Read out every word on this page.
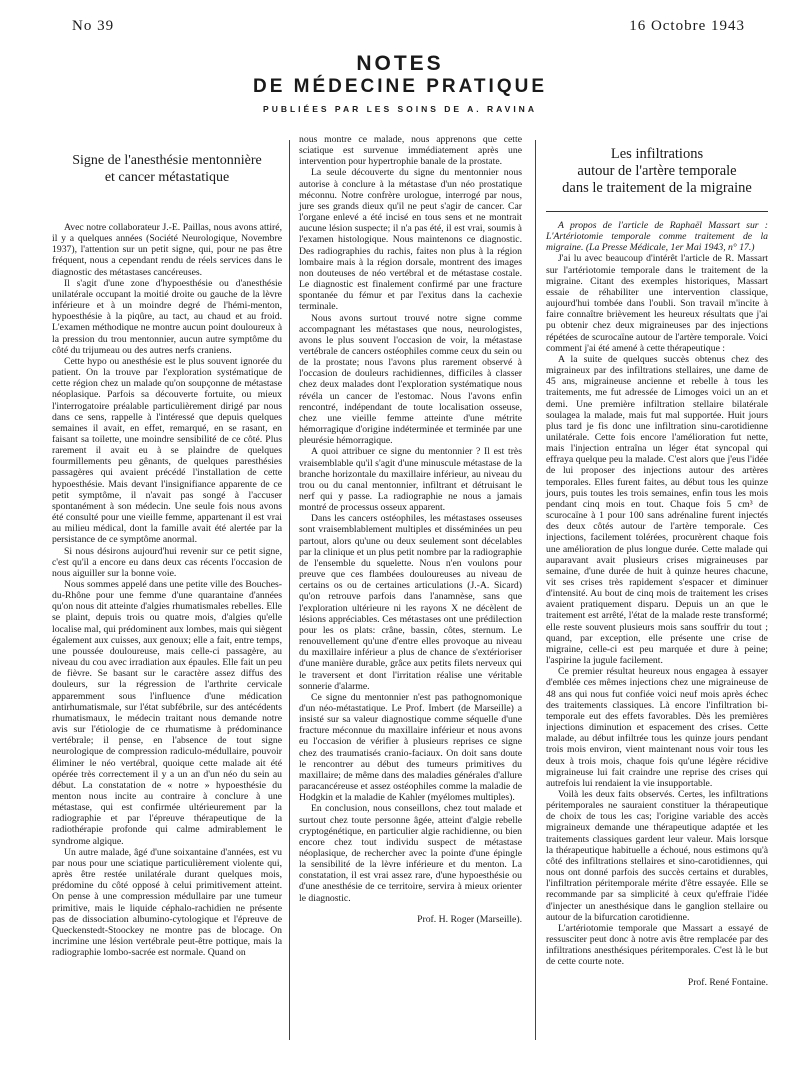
No 39	16 Octobre 1943
NOTES
DE MÉDECINE PRATIQUE
PUBLIÉES PAR LES SOINS DE A. RAVINA
Signe de l'anesthésie mentonnière
et cancer métastatique

Avec notre collaborateur J.-E. Paillas, nous avons attiré, il y a quelques années (Société Neurologique, Novembre 1937), l'attention sur un petit signe, qui, pour ne pas être fréquent, nous a cependant rendu de réels services dans le diagnostic des métastases cancéreuses.

Il s'agit d'une zone d'hypoesthésie ou d'anesthésie unilatérale occupant la moitié droite ou gauche de la lèvre inférieure et à un moindre degré de l'hémi-menton, hypoesthésie à la piqûre, au tact, au chaud et au froid. L'examen méthodique ne montre aucun point douloureux à la pression du trou mentonnier, aucun autre symptôme du côté du trijumeau ou des autres nerfs craniens.

Cette hypo ou anesthésie est le plus souvent ignorée du patient. On la trouve par l'exploration systématique de cette région chez un malade qu'on soupçonne de métastase néoplasique. Parfois sa découverte fortuite, ou mieux l'interrogatoire préalable particulièrement dirigé par nous dans ce sens, rappelle à l'intéressé que depuis quelques semaines il avait, en effet, remarqué, en se rasant, en faisant sa toilette, une moindre sensibilité de ce côté. Plus rarement il avait eu à se plaindre de quelques fourmillements peu gênants, de quelques paresthésies passagères qui avaient précédé l'installation de cette hypoesthésie. Mais devant l'insignifiance apparente de ce petit symptôme, il n'avait pas songé à l'accuser spontanément à son médecin. Une seule fois nous avons été consulté pour une vieille femme, appartenant il est vrai au milieu médical, dont la famille avait été alertée par la persistance de ce symptôme anormal.

Si nous désirons aujourd'hui revenir sur ce petit signe, c'est qu'il a encore eu dans deux cas récents l'occasion de nous aiguiller sur la bonne voie.

Nous sommes appelé dans une petite ville des Bouches-du-Rhône pour une femme d'une quarantaine d'années qu'on nous dit atteinte d'algies rhumatismales rebelles. Elle se plaint, depuis trois ou quatre mois, d'algies qu'elle localise mal, qui prédominent aux lombes, mais qui siègent également aux cuisses, aux genoux; elle a fait, entre temps, une poussée douloureuse, mais celle-ci passagère, au niveau du cou avec irradiation aux épaules. Elle fait un peu de fièvre. Se basant sur le caractère assez diffus des douleurs, sur la régression de l'arthrite cervicale apparemment sous l'influence d'une médication antirhumatismale, sur l'état subfébrile, sur des antécédents rhumatismaux, le médecin traitant nous demande notre avis sur l'étiologie de ce rhumatisme à prédominance vertébrale; il pense, en l'absence de tout signe neurologique de compression radiculo-médullaire, pouvoir éliminer le néo vertébral, quoique cette malade ait été opérée très correctement il y a un an d'un néo du sein au début. La constatation de « notre » hypoesthésie du menton nous incite au contraire à conclure à une métastase, qui est confirmée ultérieurement par la radiographie et par l'épreuve thérapeutique de la radiothérapie profonde qui calme admirablement le syndrome algique.

Un autre malade, âgé d'une soixantaine d'années, est vu par nous pour une sciatique particulièrement violente qui, après être restée unilatérale durant quelques mois, prédomine du côté opposé à celui primitivement atteint. On pense à une compression médullaire par une tumeur primitive, mais le liquide céphalo-rachidien ne présente pas de dissociation albumino-cytologique et l'épreuve de Queckenstedt-Stoockey ne montre pas de blocage. On incrimine une lésion vertébrale peut-être pottique, mais la radiographie lombo-sacrée est normale. Quand on

nous montre ce malade, nous apprenons que cette sciatique est survenue immédiatement après une intervention pour hypertrophie banale de la prostate.

La seule découverte du signe du mentonnier nous autorise à conclure à la métastase d'un néo prostatique méconnu. Notre confrère urologue, interrogé par nous, jure ses grands dieux qu'il ne peut s'agir de cancer. Car l'organe enlevé a été incisé en tous sens et ne montrait aucune lésion suspecte; il n'a pas été, il est vrai, soumis à l'examen histologique. Nous maintenons ce diagnostic. Des radiographies du rachis, faites non plus à la région lombaire mais à la région dorsale, montrent des images non douteuses de néo vertébral et de métastase costale. Le diagnostic est finalement confirmé par une fracture spontanée du fémur et par l'exitus dans la cachexie terminale.

Nous avons surtout trouvé notre signe comme accompagnant les métastases que nous, neurologistes, avons le plus souvent l'occasion de voir, la métastase vertébrale de cancers ostéophiles comme ceux du sein ou de la prostate; nous l'avons plus rarement observé à l'occasion de douleurs rachidiennes, difficiles à classer chez deux malades dont l'exploration systématique nous révéla un cancer de l'estomac. Nous l'avons enfin rencontré, indépendant de toute localisation osseuse, chez une vieille femme atteinte d'une métrite hémorragique d'origine indéterminée et terminée par une pleurésie hémorragique.

A quoi attribuer ce signe du mentonnier ? Il est très vraisemblable qu'il s'agit d'une minuscule métastase de la branche horizontale du maxillaire inférieur, au niveau du trou ou du canal mentonnier, infiltrant et détruisant le nerf qui y passe. La radiographie ne nous a jamais montré de processus osseux apparent.

Dans les cancers ostéophiles, les métastases osseuses sont vraisemblablement multiples et disséminées un peu partout, alors qu'une ou deux seulement sont décelables par la clinique et un plus petit nombre par la radiographie de l'ensemble du squelette. Nous n'en voulons pour preuve que ces flambées douloureuses au niveau de certains os ou de certaines articulations (J.-A. Sicard) qu'on retrouve parfois dans l'anamnèse, sans que l'exploration ultérieure ni les rayons X ne décèlent de lésions appréciables. Ces métastases ont une prédilection pour les os plats: crâne, bassin, côtes, sternum. Le renouvellement qu'une d'entre elles provoque au niveau du maxillaire inférieur a plus de chance de s'extérioriser d'une manière durable, grâce aux petits filets nerveux qui le traversent et dont l'irritation réalise une véritable sonnerie d'alarme.

Ce signe du mentonnier n'est pas pathognomonique d'un néo-métastatique. Le Prof. Imbert (de Marseille) a insisté sur sa valeur diagnostique comme séquelle d'une fracture méconnue du maxillaire inférieur et nous avons eu l'occasion de vérifier à plusieurs reprises ce signe chez des traumatisés cranio-faciaux. On doit sans doute le rencontrer au début des tumeurs primitives du maxillaire; de même dans des maladies générales d'allure paracancéreuse et assez ostéophiles comme la maladie de Hodgkin et la maladie de Kahler (myélomes multiples).

En conclusion, nous conseillons, chez tout malade et surtout chez toute personne âgée, atteint d'algie rebelle cryptogénétique, en particulier algie rachidienne, ou bien encore chez tout individu suspect de métastase néoplasique, de rechercher avec la pointe d'une épingle la sensibilité de la lèvre inférieure et du menton. La constatation, il est vrai assez rare, d'une hypoesthésie ou d'une anesthésie de ce territoire, servira à mieux orienter le diagnostic.

Prof. H. Roger (Marseille).
Les infiltrations
autour de l'artère temporale
dans le traitement de la migraine

A propos de l'article de Raphaël Massart sur : L'Artériotomie temporale comme traitement de la migraine. (La Presse Médicale, 1er Mai 1943, n° 17.)

J'ai lu avec beaucoup d'intérêt l'article de R. Massart sur l'artériotomie temporale dans le traitement de la migraine. Citant des exemples historiques, Massart essaie de réhabiliter une intervention classique, aujourd'hui tombée dans l'oubli. Son travail m'incite à faire connaître brièvement les heureux résultats que j'ai pu obtenir chez deux migraineuses par des injections répétées de scurocaïne autour de l'artère temporale. Voici comment j'ai été amené à cette thérapeutique :

A la suite de quelques succès obtenus chez des migraineux par des infiltrations stellaires, une dame de 45 ans, migraineuse ancienne et rebelle à tous les traitements, me fut adressée de Limoges voici un an et demi. Une première infiltration stellaire bilatérale soulagea la malade, mais fut mal supportée. Huit jours plus tard je fis donc une infiltration sinu-carotidienne unilatérale. Cette fois encore l'amélioration fut nette, mais l'injection entraîna un léger état syncopal qui effraya quelque peu la malade. C'est alors que j'eus l'idée de lui proposer des injections autour des artères temporales. Elles furent faites, au début tous les quinze jours, puis toutes les trois semaines, enfin tous les mois pendant cinq mois en tout. Chaque fois 5 cm³ de scurocaïne à 1 pour 100 sans adrénaline furent injectés des deux côtés autour de l'artère temporale. Ces injections, facilement tolérées, procurèrent chaque fois une amélioration de plus longue durée. Cette malade qui auparavant avait plusieurs crises migraineuses par semaine, d'une durée de huit à quinze heures chacune, vit ses crises très rapidement s'espacer et diminuer d'intensité. Au bout de cinq mois de traitement les crises avaient pratiquement disparu. Depuis un an que le traitement est arrêté, l'état de la malade reste transformé; elle reste souvent plusieurs mois sans souffrir du tout ; quand, par exception, elle présente une crise de migraine, celle-ci est peu marquée et dure à peine; l'aspirine la jugule facilement.

Ce premier résultat heureux nous engagea à essayer d'emblée ces mêmes injections chez une migraineuse de 48 ans qui nous fut confiée voici neuf mois après échec des traitements classiques. Là encore l'infiltration bi-temporale eut des effets favorables. Dès les premières injections diminution et espacement des crises. Cette malade, au début infiltrée tous les quinze jours pendant trois mois environ, vient maintenant nous voir tous les deux à trois mois, chaque fois qu'une légère récidive migraineuse lui fait craindre une reprise des crises qui autrefois lui rendaient la vie insupportable.

Voilà les deux faits observés. Certes, les infiltrations péritemporales ne sauraient constituer la thérapeutique de choix de tous les cas; l'origine variable des accès migraineux demande une thérapeutique adaptée et les traitements classiques gardent leur valeur. Mais lorsque la thérapeutique habituelle a échoué, nous estimons qu'à côté des infiltrations stellaires et sino-carotidiennes, qui nous ont donné parfois des succès certains et durables, l'infiltration péritemporale mérite d'être essayée. Elle se recommande par sa simplicité à ceux qu'effraie l'idée d'injecter un anesthésique dans le ganglion stellaire ou autour de la bifurcation carotidienne.

L'artériotomie temporale que Massart a essayé de ressusciter peut donc à notre avis être remplacée par des infiltrations anesthésiques péritemporales. C'est là le but de cette courte note.

Prof. René Fontaine.
